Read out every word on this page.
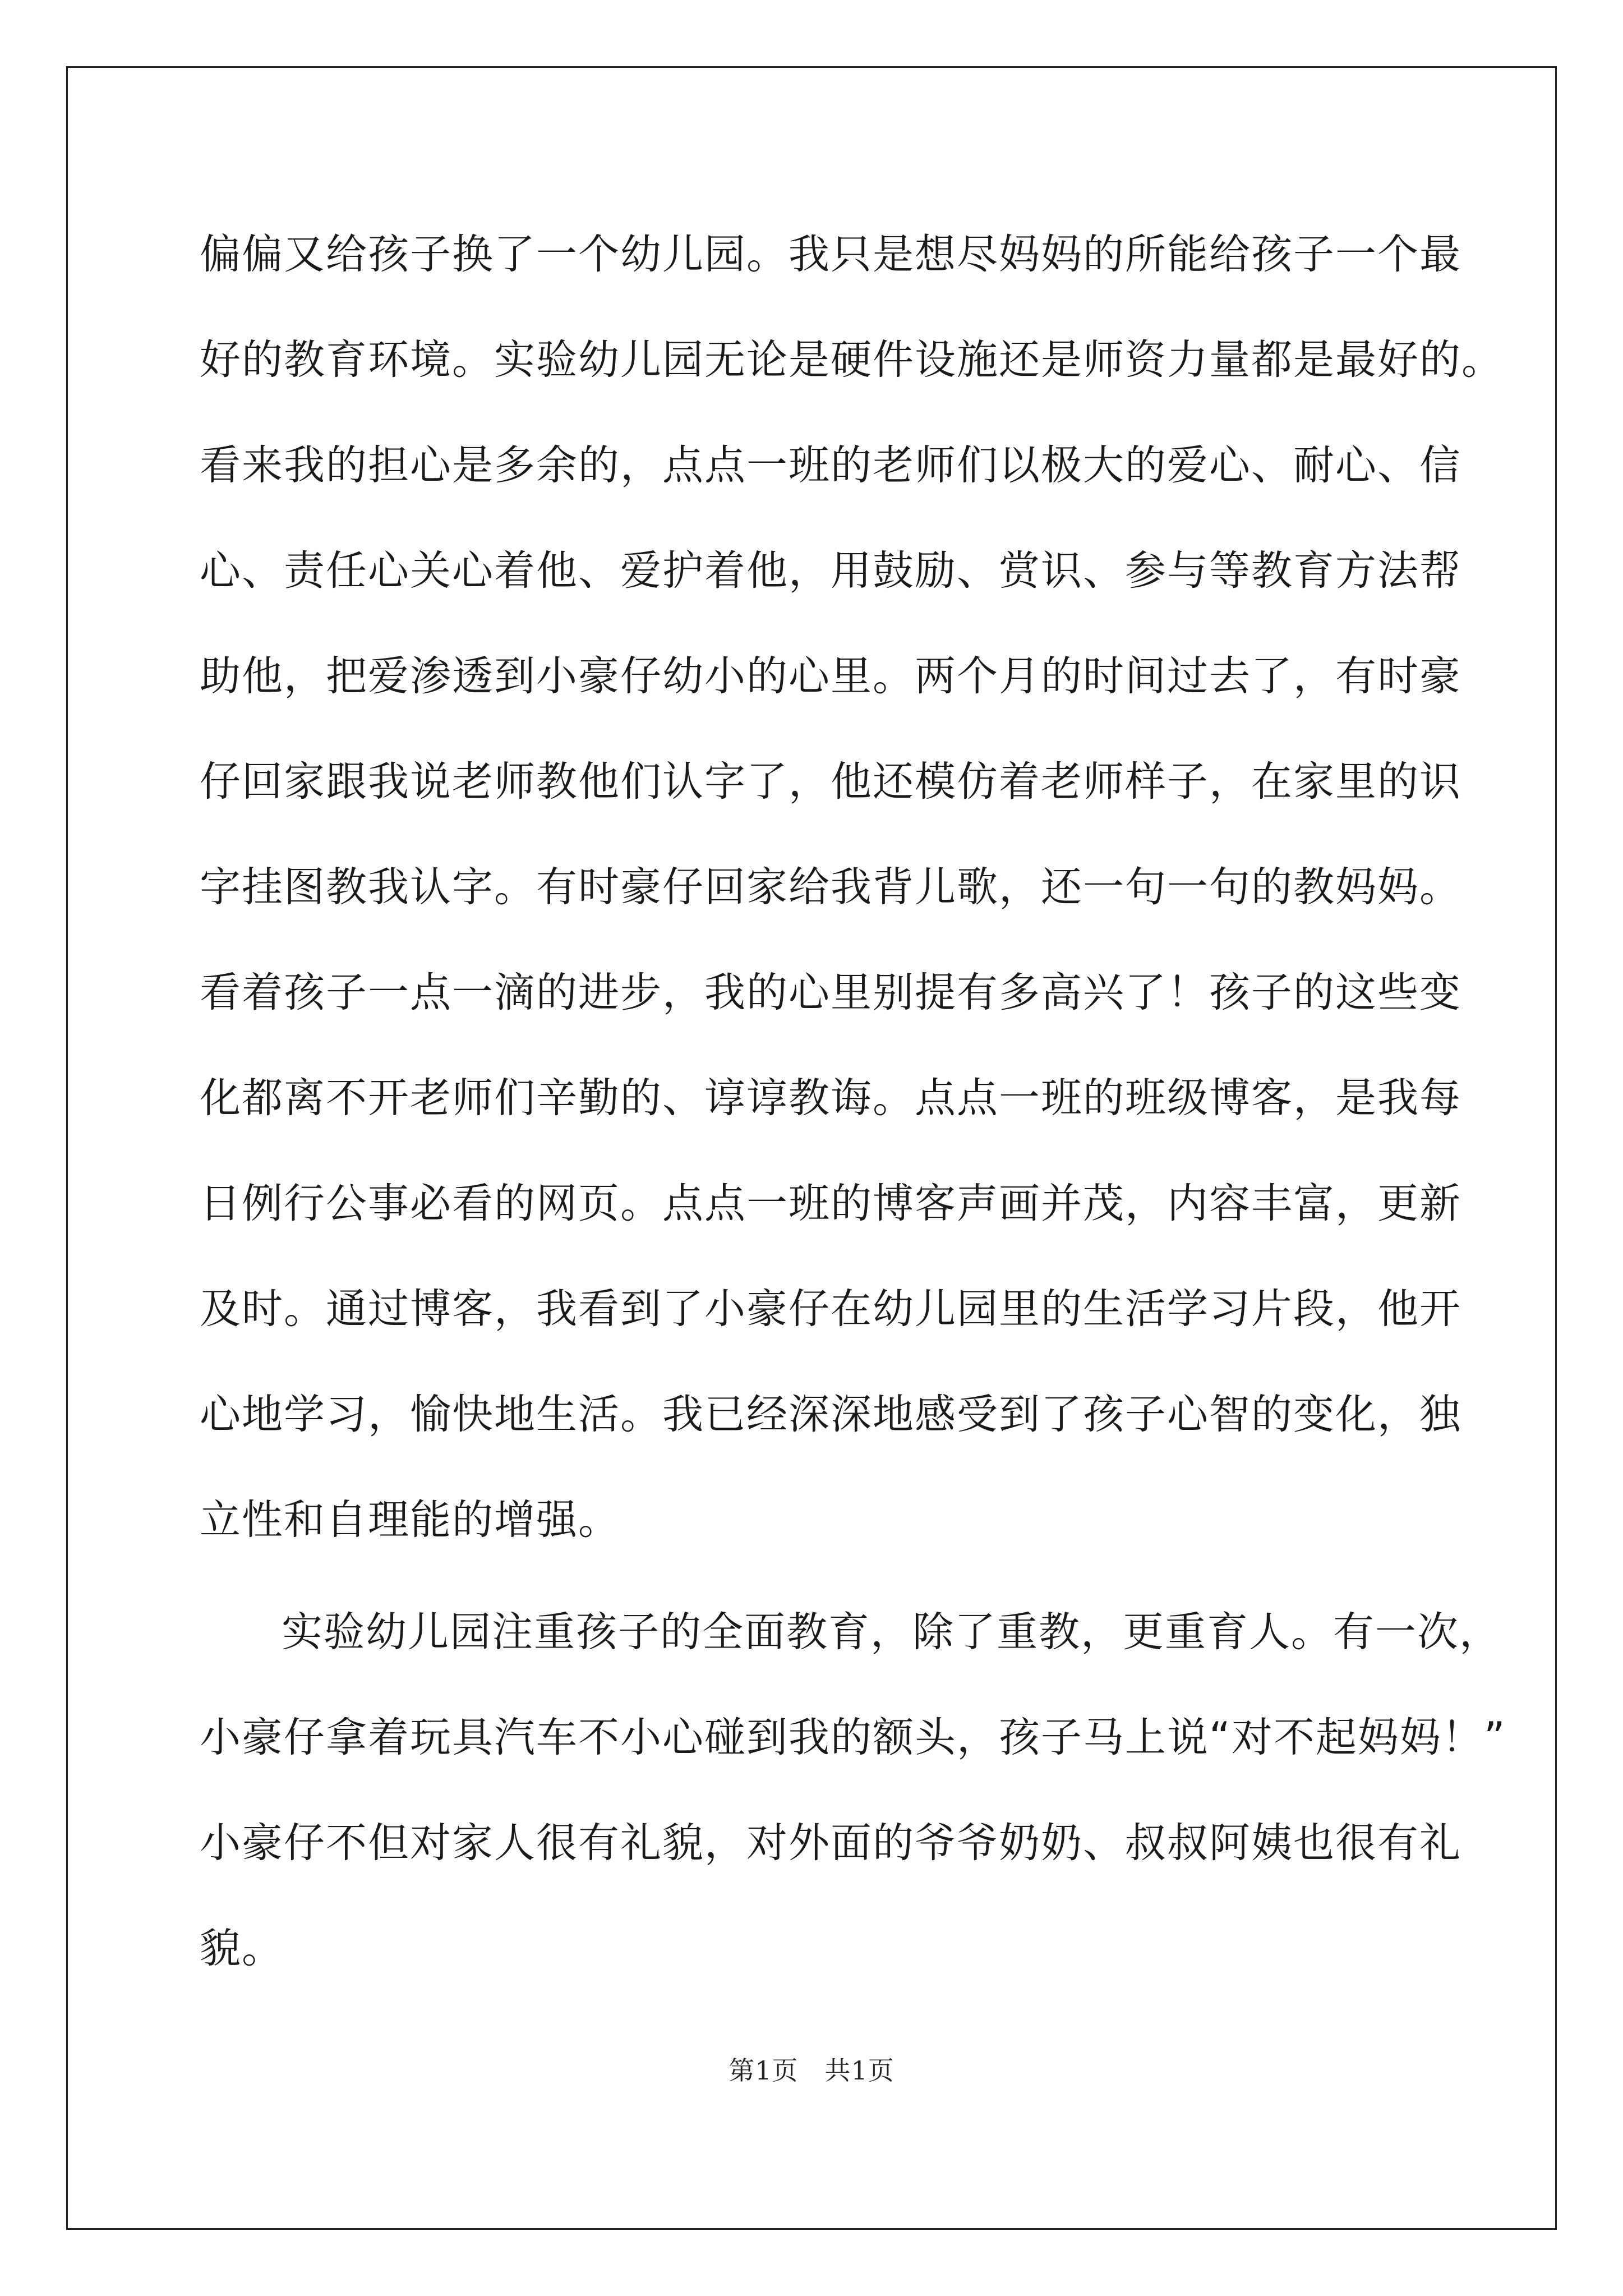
偏偏又给孩子换了一个幼儿园。我只是想尽妈妈的所能给孩子一个最
好的教育环境。实验幼儿园无论是硬件设施还是师资力量都是最好的。
看来我的担心是多余的，点点一班的老师们以极大的爱心、耐心、信
心、责任心关心着他、爱护着他，用鼓励、赏识、参与等教育方法帮
助他，把爱渗透到小豪仔幼小的心里。两个月的时间过去了，有时豪
仔回家跟我说老师教他们认字了，他还模仿着老师样子，在家里的识
字挂图教我认字。有时豪仔回家给我背儿歌，还一句一句的教妈妈。
看着孩子一点一滴的进步，我的心里别提有多高兴了！孩子的这些变
化都离不开老师们辛勤的、谆谆教诲。点点一班的班级博客，是我每
日例行公事必看的网页。点点一班的博客声画并茂，内容丰富，更新
及时。通过博客，我看到了小豪仔在幼儿园里的生活学习片段，他开
心地学习，愉快地生活。我已经深深地感受到了孩子心智的变化，独
立性和自理能的增强。
实验幼儿园注重孩子的全面教育，除了重教，更重育人。有一次，
小豪仔拿着玩具汽车不小心碰到我的额头，孩子马上说“对不起妈妈！”
小豪仔不但对家人很有礼貌，对外面的爷爷奶奶、叔叔阿姨也很有礼
貌。
第1页　共1页
